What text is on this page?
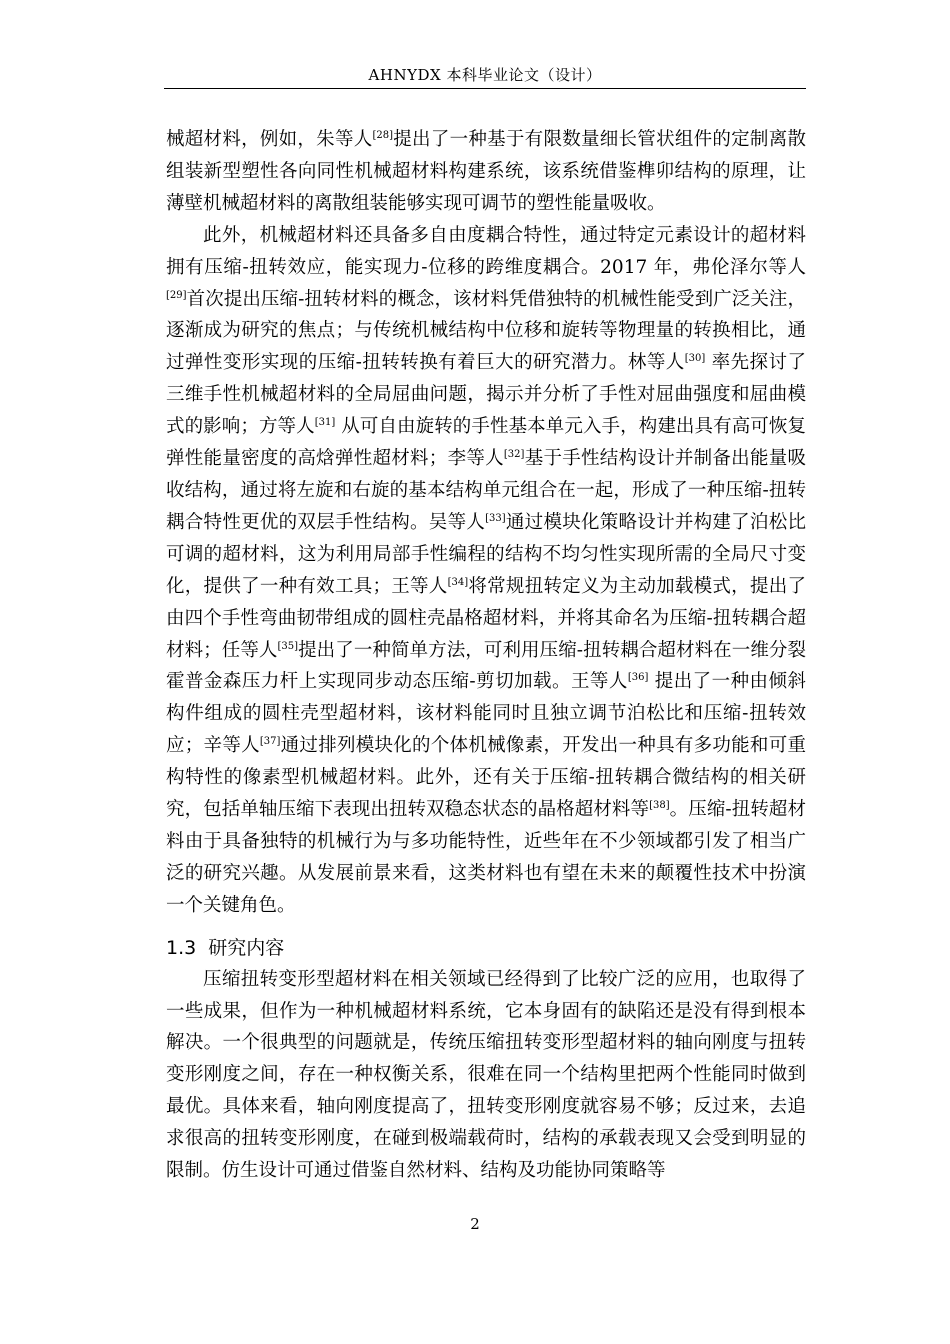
AHNYDX 本科毕业论文（设计）

械超材料，例如，朱等人[28]提出了一种基于有限数量细长管状组件的定制离散组装新型塑性各向同性机械超材料构建系统，该系统借鉴榫卯结构的原理，让薄壁机械超材料的离散组装能够实现可调节的塑性能量吸收。

此外，机械超材料还具备多自由度耦合特性，通过特定元素设计的超材料拥有压缩-扭转效应，能实现力-位移的跨维度耦合。2017 年，弗伦泽尔等人[29]首次提出压缩-扭转材料的概念，该材料凭借独特的机械性能受到广泛关注，逐渐成为研究的焦点；与传统机械结构中位移和旋转等物理量的转换相比，通过弹性变形实现的压缩-扭转转换有着巨大的研究潜力。林等人[30] 率先探讨了三维手性机械超材料的全局屈曲问题，揭示并分析了手性对屈曲强度和屈曲模式的影响；方等人[31] 从可自由旋转的手性基本单元入手，构建出具有高可恢复弹性能量密度的高焓弹性超材料；李等人[32]基于手性结构设计并制备出能量吸收结构，通过将左旋和右旋的基本结构单元组合在一起，形成了一种压缩-扭转耦合特性更优的双层手性结构。吴等人[33]通过模块化策略设计并构建了泊松比可调的超材料，这为利用局部手性编程的结构不均匀性实现所需的全局尺寸变化，提供了一种有效工具；王等人[34]将常规扭转定义为主动加载模式，提出了由四个手性弯曲韧带组成的圆柱壳晶格超材料，并将其命名为压缩-扭转耦合超材料；任等人[35]提出了一种简单方法，可利用压缩-扭转耦合超材料在一维分裂霍普金森压力杆上实现同步动态压缩-剪切加载。王等人[36] 提出了一种由倾斜构件组成的圆柱壳型超材料，该材料能同时且独立调节泊松比和压缩-扭转效应；辛等人[37]通过排列模块化的个体机械像素，开发出一种具有多功能和可重构特性的像素型机械超材料。此外，还有关于压缩-扭转耦合微结构的相关研究，包括单轴压缩下表现出扭转双稳态状态的晶格超材料等[38]。压缩-扭转超材料由于具备独特的机械行为与多功能特性，近些年在不少领域都引发了相当广泛的研究兴趣。从发展前景来看，这类材料也有望在未来的颠覆性技术中扮演一个关键角色。

1.3 研究内容

压缩扭转变形型超材料在相关领域已经得到了比较广泛的应用，也取得了一些成果，但作为一种机械超材料系统，它本身固有的缺陷还是没有得到根本解决。一个很典型的问题就是，传统压缩扭转变形型超材料的轴向刚度与扭转变形刚度之间，存在一种权衡关系，很难在同一个结构里把两个性能同时做到最优。具体来看，轴向刚度提高了，扭转变形刚度就容易不够；反过来，去追求很高的扭转变形刚度，在碰到极端载荷时，结构的承载表现又会受到明显的限制。仿生设计可通过借鉴自然材料、结构及功能协同策略等

2
